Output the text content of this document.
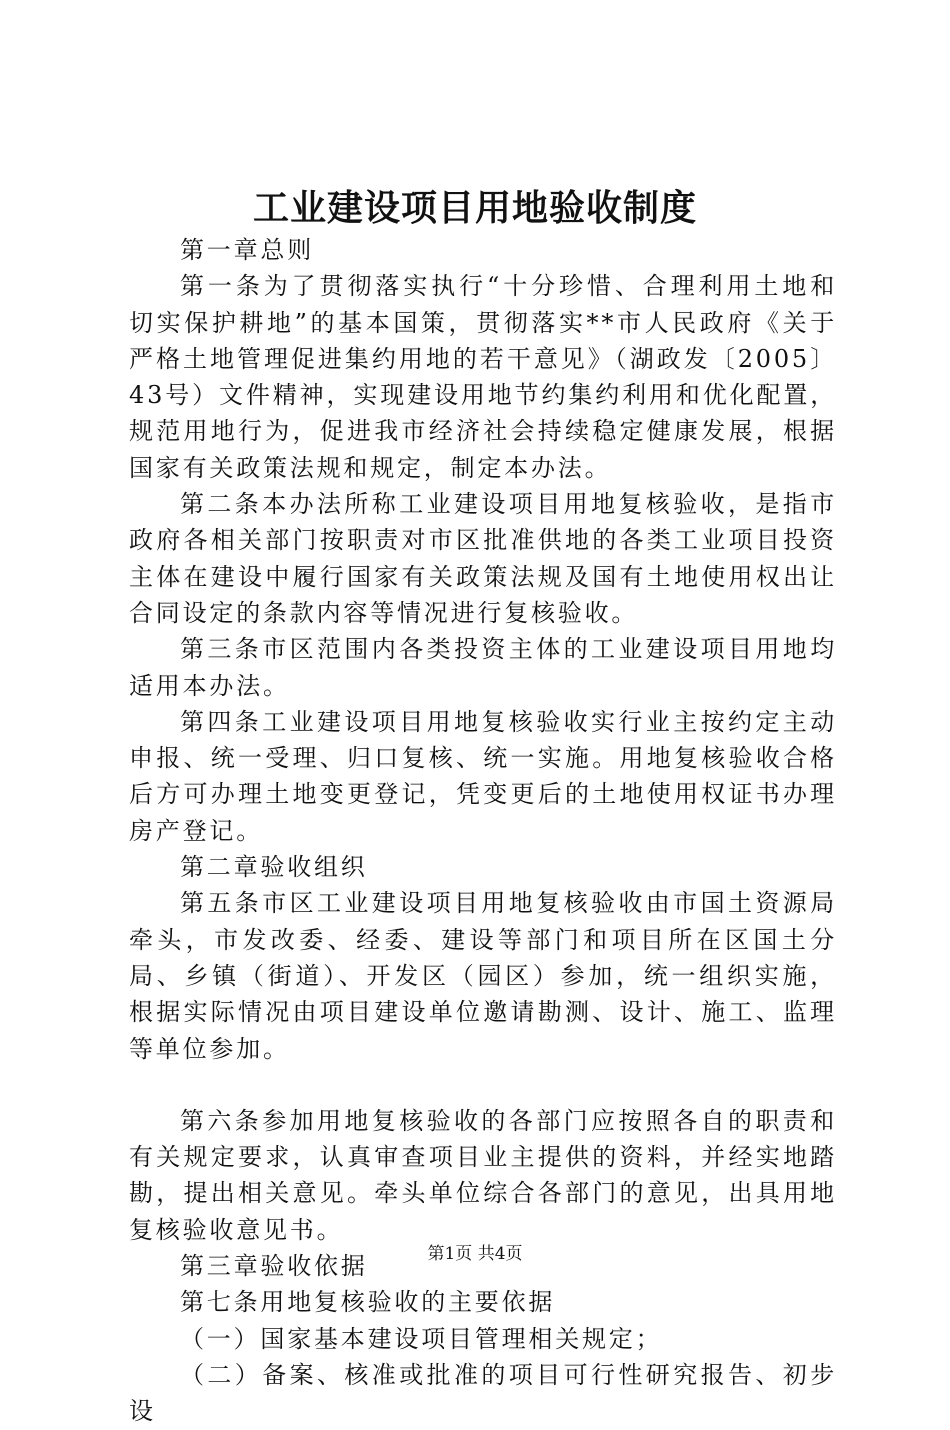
工业建设项目用地验收制度

第一章总则

第一条为了贯彻落实执行“十分珍惜、合理利用土地和切实保护耕地”的基本国策，贯彻落实**市人民政府《关于严格土地管理促进集约用地的若干意见》（湖政发〔2005〕43号）文件精神，实现建设用地节约集约利用和优化配置，规范用地行为，促进我市经济社会持续稳定健康发展，根据国家有关政策法规和规定，制定本办法。

第二条本办法所称工业建设项目用地复核验收，是指市政府各相关部门按职责对市区批准供地的各类工业项目投资主体在建设中履行国家有关政策法规及国有土地使用权出让合同设定的条款内容等情况进行复核验收。

第三条市区范围内各类投资主体的工业建设项目用地均适用本办法。

第四条工业建设项目用地复核验收实行业主按约定主动申报、统一受理、归口复核、统一实施。用地复核验收合格后方可办理土地变更登记，凭变更后的土地使用权证书办理房产登记。

第二章验收组织

第五条市区工业建设项目用地复核验收由市国土资源局牵头，市发改委、经委、建设等部门和项目所在区国土分局、乡镇（街道）、开发区（园区）参加，统一组织实施，根据实际情况由项目建设单位邀请勘测、设计、施工、监理等单位参加。

第六条参加用地复核验收的各部门应按照各自的职责和有关规定要求，认真审查项目业主提供的资料，并经实地踏勘，提出相关意见。牵头单位综合各部门的意见，出具用地复核验收意见书。

第三章验收依据

第七条用地复核验收的主要依据

（一）国家基本建设项目管理相关规定；

（二）备案、核准或批准的项目可行性研究报告、初步设

第1页 共4页
